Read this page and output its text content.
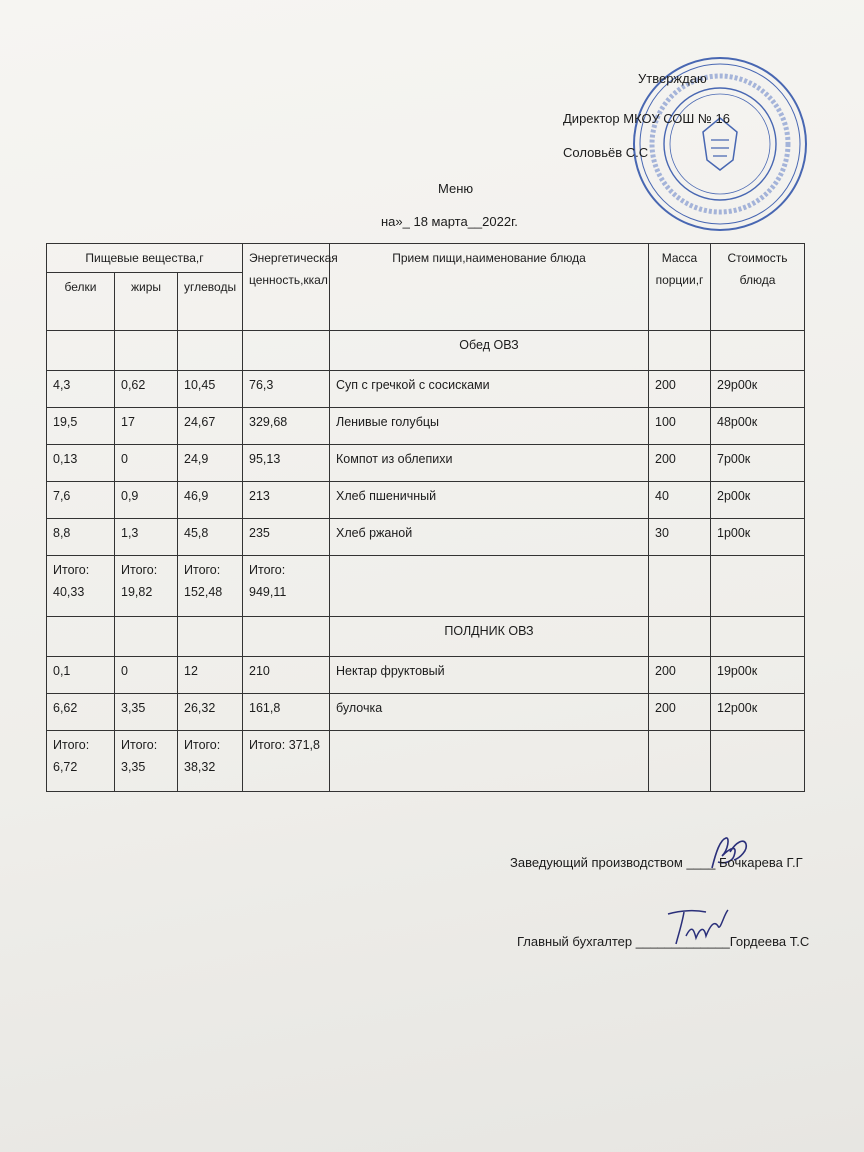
Утверждаю
Директор МКОУ СОШ № 16
Соловьёв С.С
Меню
на»_ 18 марта__2022г.
Пищевые вещества,г			Энергетическая ценность,ккал	Прием пищи,наименование блюда	Масса порции,г	Стоимость блюда
белки	жиры	углеводы				
				Обед ОВЗ		
4,3	0,62	10,45	76,3	Суп с гречкой с сосисками	200	29р00к
19,5	17	24,67	329,68	Ленивые голубцы	100	48р00к
0,13	0	24,9	95,13	Компот из облепихи	200	7р00к
7,6	0,9	46,9	213	Хлеб пшеничный	40	2р00к
8,8	1,3	45,8	235	Хлеб ржаной	30	1р00к
Итого: 40,33	Итого: 19,82	Итого: 152,48	Итого: 949,11			
				ПОЛДНИК ОВЗ		
0,1	0	12	210	Нектар фруктовый	200	19р00к
6,62	3,35	26,32	161,8	булочка	200	12р00к
Итого: 6,72	Итого: 3,35	Итого: 38,32	Итого: 371,8			
Заведующий производством ____ Бочкарева Г.Г
Главный бухгалтер _____________Гордеева Т.С
